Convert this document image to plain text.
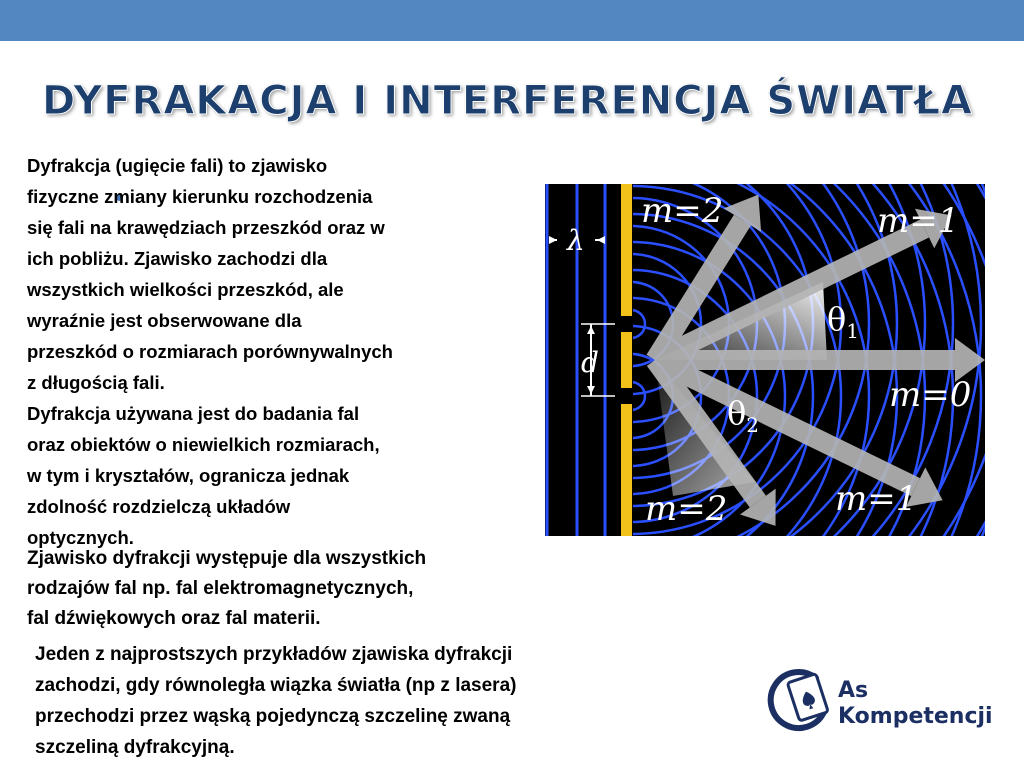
DYFRAKACJA I INTERFERENCJA ŚWIATŁA
Dyfrakcja (ugięcie fali) to zjawisko
fizyczne zmiany kierunku rozchodzenia
się fali na krawędziach przeszkód oraz w
ich pobliżu. Zjawisko zachodzi dla
wszystkich wielkości przeszkód, ale
wyraźnie jest obserwowane dla
przeszkód o rozmiarach porównywalnych
z długością fali.
Dyfrakcja używana jest do badania fal
oraz obiektów o niewielkich rozmiarach,
w tym i kryształów, ogranicza jednak
zdolność rozdzielczą układów
optycznych.
Zjawisko dyfrakcji występuje dla wszystkich
rodzajów fal np. fal elektromagnetycznych,
fal dźwiękowych oraz fal materii.
Jeden z najprostszych przykładów zjawiska dyfrakcji
zachodzi, gdy równoległa wiązka światła (np z lasera)
przechodzi przez wąską pojedynczą szczelinę zwaną
szczeliną dyfrakcyjną.
λ
d
m=2	m=1
m=0
m=2	m=1
$\theta_1$
$\theta_2$
As
Kompetencji
